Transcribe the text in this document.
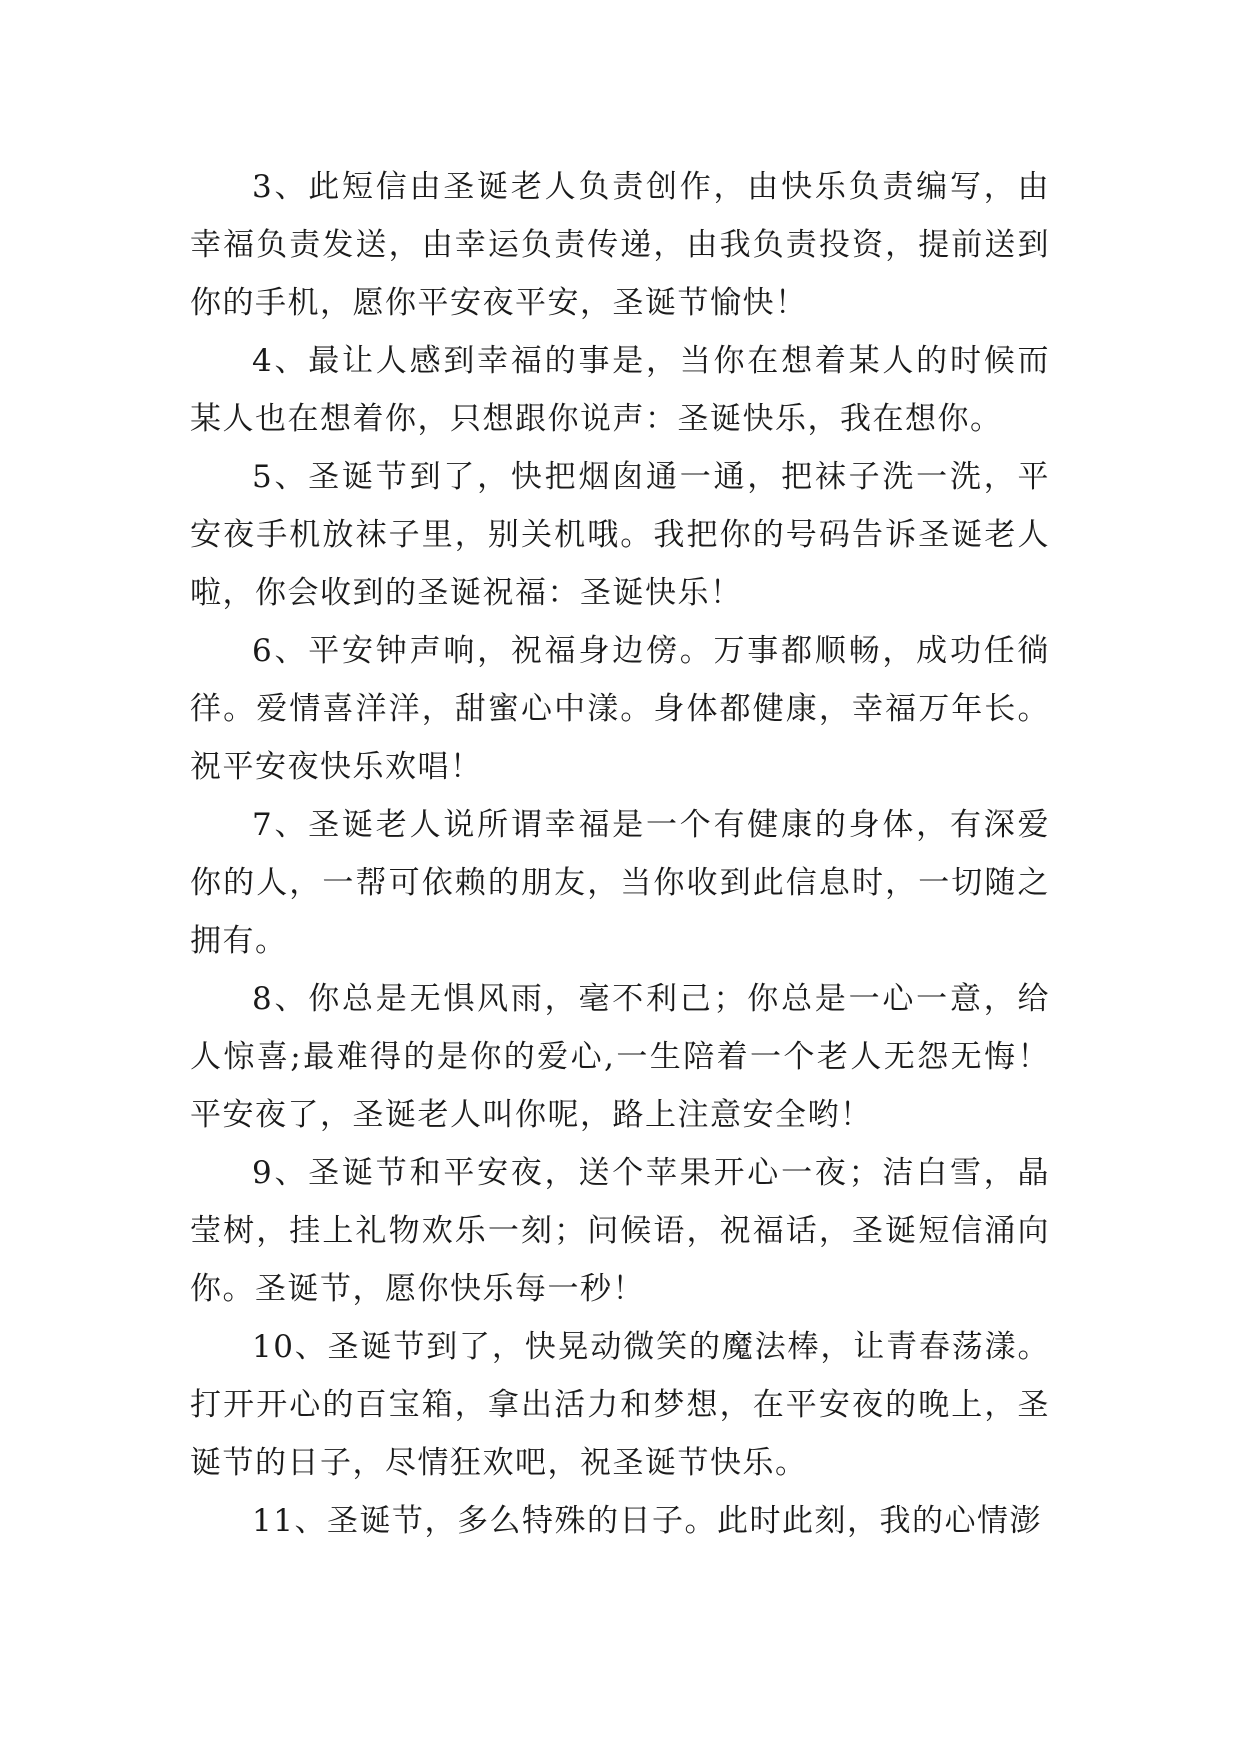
3、此短信由圣诞老人负责创作，由快乐负责编写，由幸福负责发送，由幸运负责传递，由我负责投资，提前送到你的手机，愿你平安夜平安，圣诞节愉快！

4、最让人感到幸福的事是，当你在想着某人的时候而某人也在想着你，只想跟你说声：圣诞快乐，我在想你。

5、圣诞节到了，快把烟囱通一通，把袜子洗一洗，平安夜手机放袜子里，别关机哦。我把你的号码告诉圣诞老人啦，你会收到的圣诞祝福：圣诞快乐！

6、平安钟声响，祝福身边傍。万事都顺畅，成功任徜徉。爱情喜洋洋，甜蜜心中漾。身体都健康，幸福万年长。祝平安夜快乐欢唱！

7、圣诞老人说所谓幸福是一个有健康的身体，有深爱你的人，一帮可依赖的朋友，当你收到此信息时，一切随之拥有。

8、你总是无惧风雨，毫不利己；你总是一心一意，给人惊喜;最难得的是你的爱心,一生陪着一个老人无怨无悔！平安夜了，圣诞老人叫你呢，路上注意安全哟！

9、圣诞节和平安夜，送个苹果开心一夜；洁白雪，晶莹树，挂上礼物欢乐一刻；问候语，祝福话，圣诞短信涌向你。圣诞节，愿你快乐每一秒！

10、圣诞节到了，快晃动微笑的魔法棒，让青春荡漾。打开开心的百宝箱，拿出活力和梦想，在平安夜的晚上，圣诞节的日子，尽情狂欢吧，祝圣诞节快乐。

11、圣诞节，多么特殊的日子。此时此刻，我的心情澎
